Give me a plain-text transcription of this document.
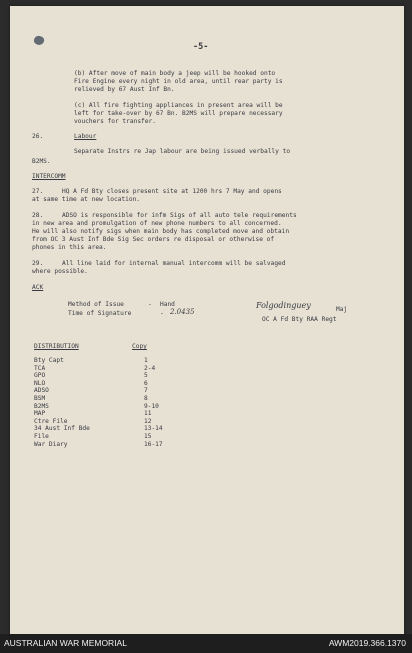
-5-
(b) After move of main body a jeep will be hooked onto
Fire Engine every night in old area, until rear party is
relieved by 67 Aust Inf Bn.
(c) All fire fighting appliances in present area will be
left for take-over by 67 Bn. B2MS will prepare necessary
vouchers for transfer.
26.	Labour
Separate Instrs re Jap labour are being issued verbally to
B2MS.
INTERCOMM
27.	HQ A Fd Bty closes present site at 1200 hrs 7 May and opens
at same time at new location.
28.	ADSO is responsible for infm Sigs of all auto tele requirements
in new area and promulgation of new phone numbers to all concerned.
He will also notify sigs when main body has completed move and obtain
from OC 3 Aust Inf Bde Sig Sec orders re disposal or otherwise of
phones in this area.
29.	All line laid for internal manual intercomm will be salvaged
where possible.
ACK
Method of Issue	- Hand
Time of Signature	- 2.0435
Folgodinguey	Maj
OC A Fd Bty RAA Regt
DISTRIBUTION	Copy
Bty Capt	1
TCA	2-4
GPO	5
NLO	6
ADSO	7
BSM	8
B2MS	9-10
MAP	11
Ctre File	12
34 Aust Inf Bde	13-14
File	15
War Diary	16-17
AUSTRALIAN WAR MEMORIAL	AWM2019.366.1370
